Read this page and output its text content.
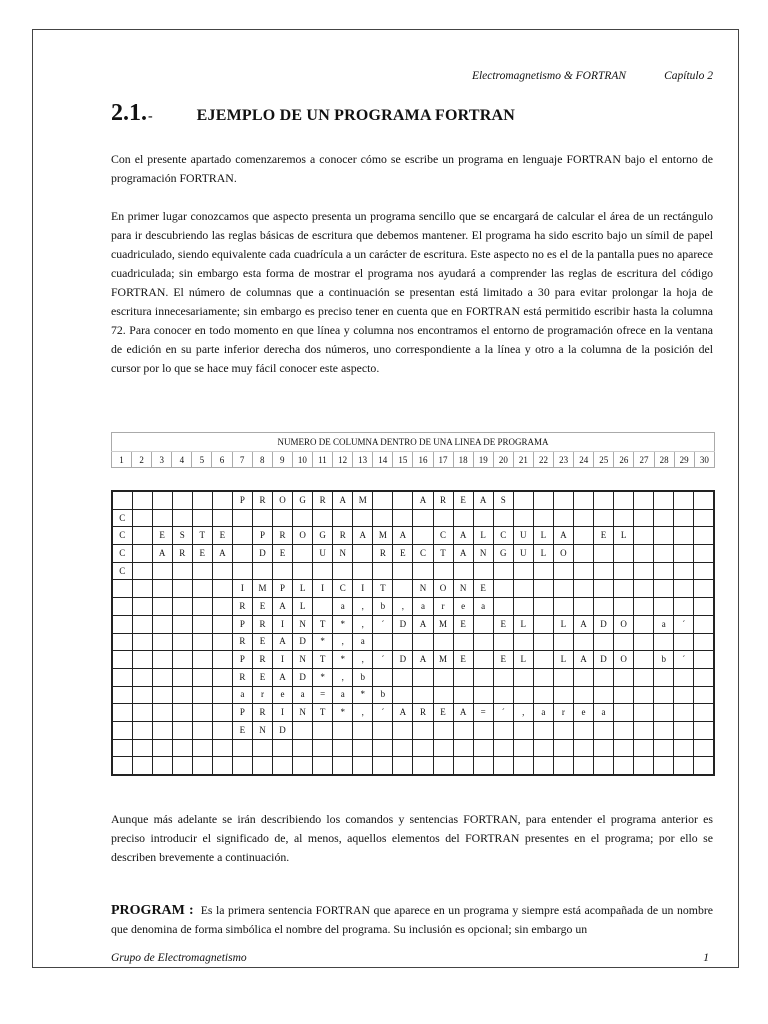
Electromagnetismo & FORTRAN	Capítulo 2
2.1. -	EJEMPLO DE UN PROGRAMA FORTRAN

Con el presente apartado comenzaremos a conocer cómo se escribe un programa en lenguaje FORTRAN bajo el entorno de programación FORTRAN.

En primer lugar conozcamos que aspecto presenta un programa sencillo que se encargará de calcular el área de un rectángulo para ir descubriendo las reglas básicas de escritura que debemos mantener. El programa ha sido escrito bajo un símil de papel cuadriculado, siendo equivalente cada cuadrícula a un carácter de escritura. Este aspecto no es el de la pantalla pues no aparece cuadriculada; sin embargo esta forma de mostrar el programa nos ayudará a comprender las reglas de escritura del código FORTRAN. El número de columnas que a continuación se presentan está limitado a 30 para evitar prolongar la hoja de escritura innecesariamente; sin embargo es preciso tener en cuenta que en FORTRAN está permitido escribir hasta la columna 72. Para conocer en todo momento en que línea y columna nos encontramos el entorno de programación ofrece en la ventana de edición en su parte inferior derecha dos números, uno correspondiente a la línea y otro a la columna de la posición del cursor por lo que se hace muy fácil conocer este aspecto.

NUMERO DE COLUMNA DENTRO DE UNA LINEA DE PROGRAMA
1	2	3	4	5	6	7	8	9	10	11	12	13	14	15	16	17	18	19	20	21	22	23	24	25	26	27	28	29	30
						P	R	O	G	R	A	M			A	R	E	A	S										
C																													
C		E	S	T	E		P	R	O	G	R	A	M	A		C	A	L	C	U	L	A		E	L				
C		A	R	E	A		D	E		U	N		R	E	C	T	A	N	G	U	L	O							
C																													
						I	M	P	L	I	C	I	T		N	O	N	E											
						R	E	A	L		a	,	b	,	a	r	e	a											
						P	R	I	N	T	*	,	´	D	A	M	E		E	L		L	A	D	O		a	´	
						R	E	A	D	*	,	a																	
						P	R	I	N	T	*	,	´	D	A	M	E		E	L		L	A	D	O		b	´	
						R	E	A	D	*	,	b																	
						a	r	e	a	=	a	*	b																
						P	R	I	N	T	*	,	´	A	R	E	A	=	´	,	a	r	e	a					
						E	N	D																					

Aunque más adelante se irán describiendo los comandos y sentencias FORTRAN, para entender el programa anterior es preciso introducir el significado de, al menos, aquellos elementos del FORTRAN presentes en el programa; por ello se describen brevemente a continuación.

PROGRAM : Es la primera sentencia FORTRAN que aparece en un programa y siempre está acompañada de un nombre que denomina de forma simbólica el nombre del programa. Su inclusión es opcional; sin embargo un

Grupo de Electromagnetismo	1
